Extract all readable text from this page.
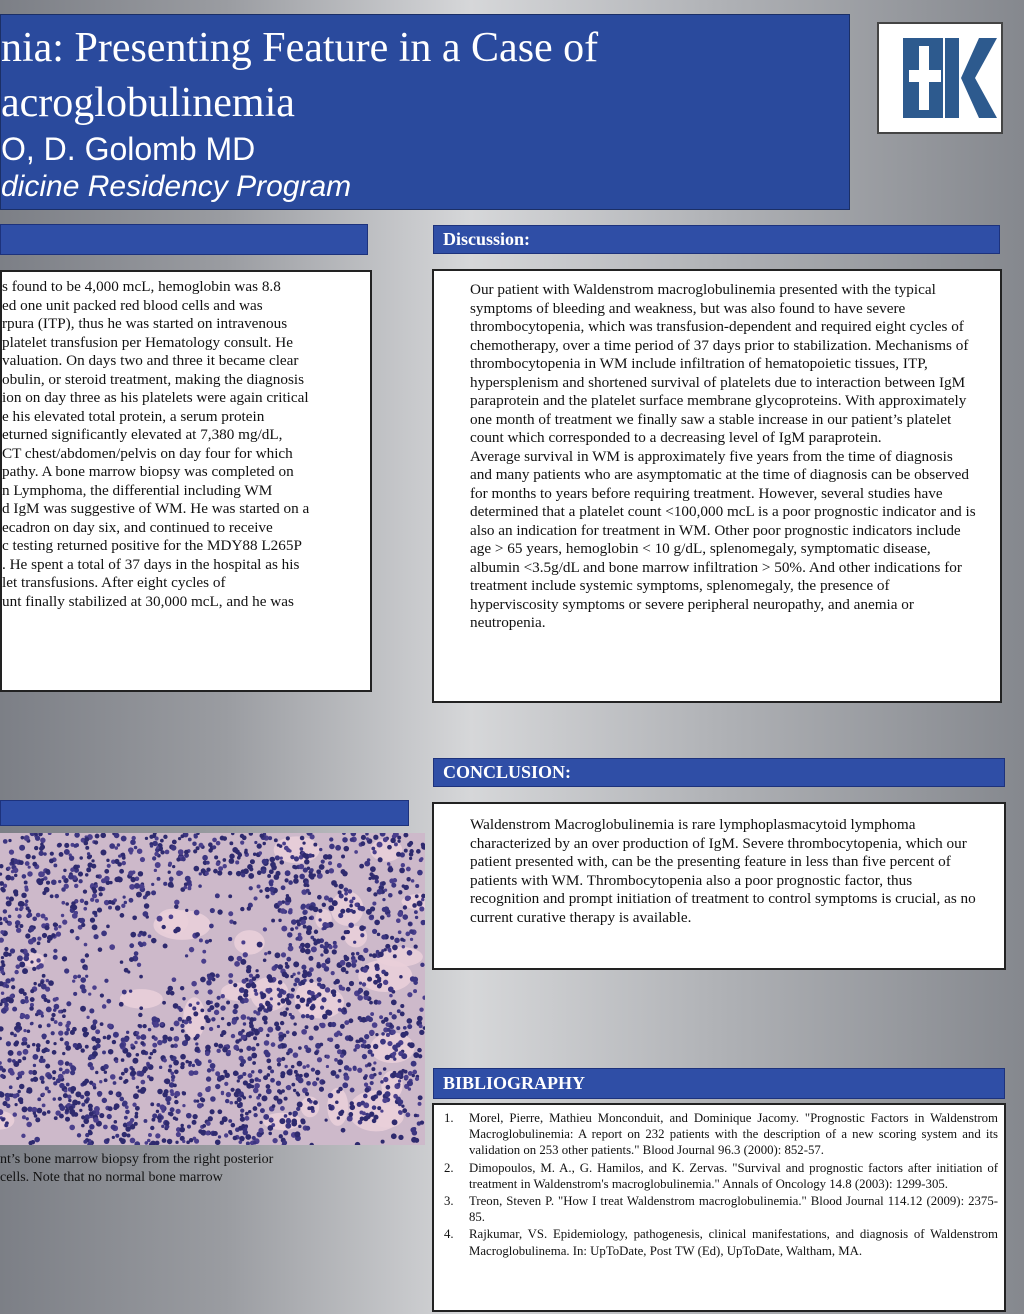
nia: Presenting Feature in a Case of
acroglobulinemia
O, D. Golomb MD
dicine Residency Program
s found to be 4,000 mcL, hemoglobin was 8.8
ed one unit packed red blood cells and was
rpura (ITP), thus he was started on intravenous
platelet transfusion per Hematology consult. He
valuation. On days two and three it became clear
obulin, or steroid treatment, making the diagnosis
ion on day three as his platelets were again critical
e his elevated total protein, a serum protein
eturned significantly elevated at 7,380 mg/dL,
CT chest/abdomen/pelvis on day four for which
pathy. A bone marrow biopsy was completed on
n Lymphoma, the differential including WM
d IgM was suggestive of WM. He was started on a
ecadron on day six, and continued to receive
c testing returned positive for the MDY88 L265P
. He spent a total of 37 days in the hospital as his
let transfusions. After eight cycles of
unt finally stabilized at 30,000 mcL, and he was
nt’s bone marrow biopsy from the right posterior
cells. Note that no normal bone marrow
Discussion:
Our patient with Waldenstrom macroglobulinemia presented with the typical symptoms of bleeding and weakness, but was also found to have severe thrombocytopenia, which was transfusion-dependent and required eight cycles of chemotherapy, over a time period of 37 days prior to stabilization. Mechanisms of thrombocytopenia in WM include infiltration of hematopoietic tissues, ITP, hypersplenism and shortened survival of platelets due to interaction between IgM paraprotein and the platelet surface membrane glycoproteins. With approximately one month of treatment we finally saw a stable increase in our patient’s platelet count which corresponded to a decreasing level of IgM paraprotein.
Average survival in WM is approximately five years from the time of diagnosis and many patients who are asymptomatic at the time of diagnosis can be observed for months to years before requiring treatment. However, several studies have determined that a platelet count <100,000 mcL is a poor prognostic indicator and is also an indication for treatment in WM. Other poor prognostic indicators include age > 65 years, hemoglobin < 10 g/dL, splenomegaly, symptomatic disease, albumin <3.5g/dL and bone marrow infiltration > 50%. And other indications for treatment include systemic symptoms, splenomegaly, the presence of hyperviscosity symptoms or severe peripheral neuropathy, and anemia or neutropenia.
CONCLUSION:
Waldenstrom Macroglobulinemia is rare lymphoplasmacytoid lymphoma characterized by an over production of IgM. Severe thrombocytopenia, which our patient presented with, can be the presenting feature in less than five percent of patients with WM. Thrombocytopenia also a poor prognostic factor, thus recognition and prompt initiation of treatment to control symptoms is crucial, as no current curative therapy is available.
BIBLIOGRAPHY
1. Morel, Pierre, Mathieu Monconduit, and Dominique Jacomy. "Prognostic Factors in Waldenstrom Macroglobulinemia: A report on 232 patients with the description of a new scoring system and its validation on 253 other patients." Blood Journal 96.3 (2000): 852-57.
2. Dimopoulos, M. A., G. Hamilos, and K. Zervas. "Survival and prognostic factors after initiation of treatment in Waldenstrom's macroglobulinemia." Annals of Oncology 14.8 (2003): 1299-305.
3. Treon, Steven P. "How I treat Waldenstrom macroglobulinemia." Blood Journal 114.12 (2009): 2375-85.
4. Rajkumar, VS. Epidemiology, pathogenesis, clinical manifestations, and diagnosis of Waldenstrom Macroglobulinema. In: UpToDate, Post TW (Ed), UpToDate, Waltham, MA.
